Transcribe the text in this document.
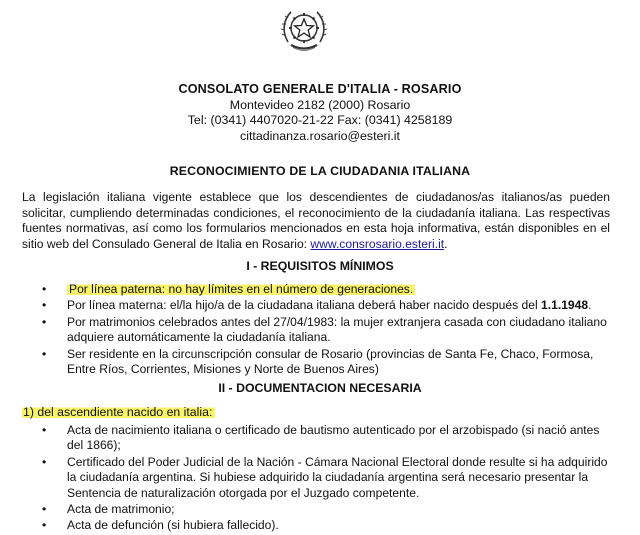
CONSOLATO GENERALE D'ITALIA - ROSARIO
Montevideo 2182 (2000) Rosario
Tel: (0341) 4407020-21-22 Fax: (0341) 4258189
cittadinanza.rosario@esteri.it
RECONOCIMIENTO DE LA CIUDADANIA ITALIANA
La legislación italiana vigente establece que los descendientes de ciudadanos/as italianos/as pueden solicitar, cumpliendo determinadas condiciones, el reconocimiento de la ciudadanía italiana. Las respectivas fuentes normativas, así como los formularios mencionados en esta hoja informativa, están disponibles en el sitio web del Consulado General de Italia en Rosario: www.consrosario.esteri.it.
I - REQUISITOS MÍNIMOS
• Por línea paterna: no hay límites en el número de generaciones.
• Por línea materna: el/la hijo/a de la ciudadana italiana deberá haber nacido después del 1.1.1948.
• Por matrimonios celebrados antes del 27/04/1983: la mujer extranjera casada con ciudadano italiano adquiere automáticamente la ciudadanía italiana.
• Ser residente en la circunscripción consular de Rosario (provincias de Santa Fe, Chaco, Formosa, Entre Ríos, Corrientes, Misiones y Norte de Buenos Aires)
II - DOCUMENTACION NECESARIA
1) del ascendiente nacido en italia:
• Acta de nacimiento italiana o certificado de bautismo autenticado por el arzobispado (si nació antes del 1866);
• Certificado del Poder Judicial de la Nación - Cámara Nacional Electoral donde resulte si ha adquirido la ciudadanía argentina. Si hubiese adquirido la ciudadanía argentina será necesario presentar la Sentencia de naturalización otorgada por el Juzgado competente.
• Acta de matrimonio;
• Acta de defunción (si hubiera fallecido).
